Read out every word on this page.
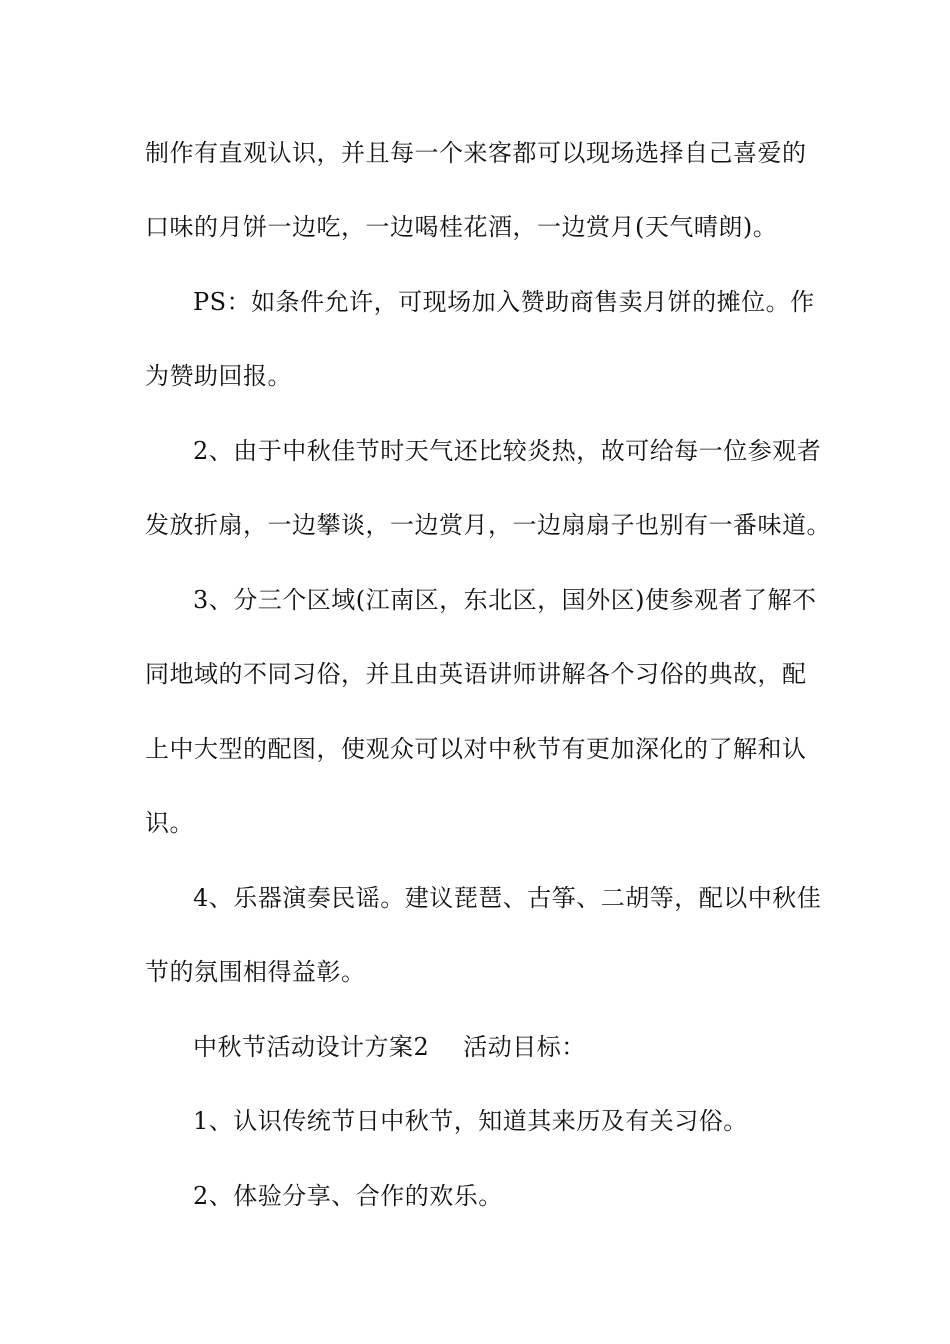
制作有直观认识，并且每一个来客都可以现场选择自己喜爱的
口味的月饼一边吃，一边喝桂花酒，一边赏月(天气晴朗)。
PS：如条件允许，可现场加入赞助商售卖月饼的摊位。作
为赞助回报。
2、由于中秋佳节时天气还比较炎热，故可给每一位参观者
发放折扇，一边攀谈，一边赏月，一边扇扇子也别有一番味道。
3、分三个区域(江南区，东北区，国外区)使参观者了解不
同地域的不同习俗，并且由英语讲师讲解各个习俗的典故，配
上中大型的配图，使观众可以对中秋节有更加深化的了解和认
识。
4、乐器演奏民谣。建议琵琶、古筝、二胡等，配以中秋佳
节的氛围相得益彰。
中秋节活动设计方案2 活动目标：
1、认识传统节日中秋节，知道其来历及有关习俗。
2、体验分享、合作的欢乐。
